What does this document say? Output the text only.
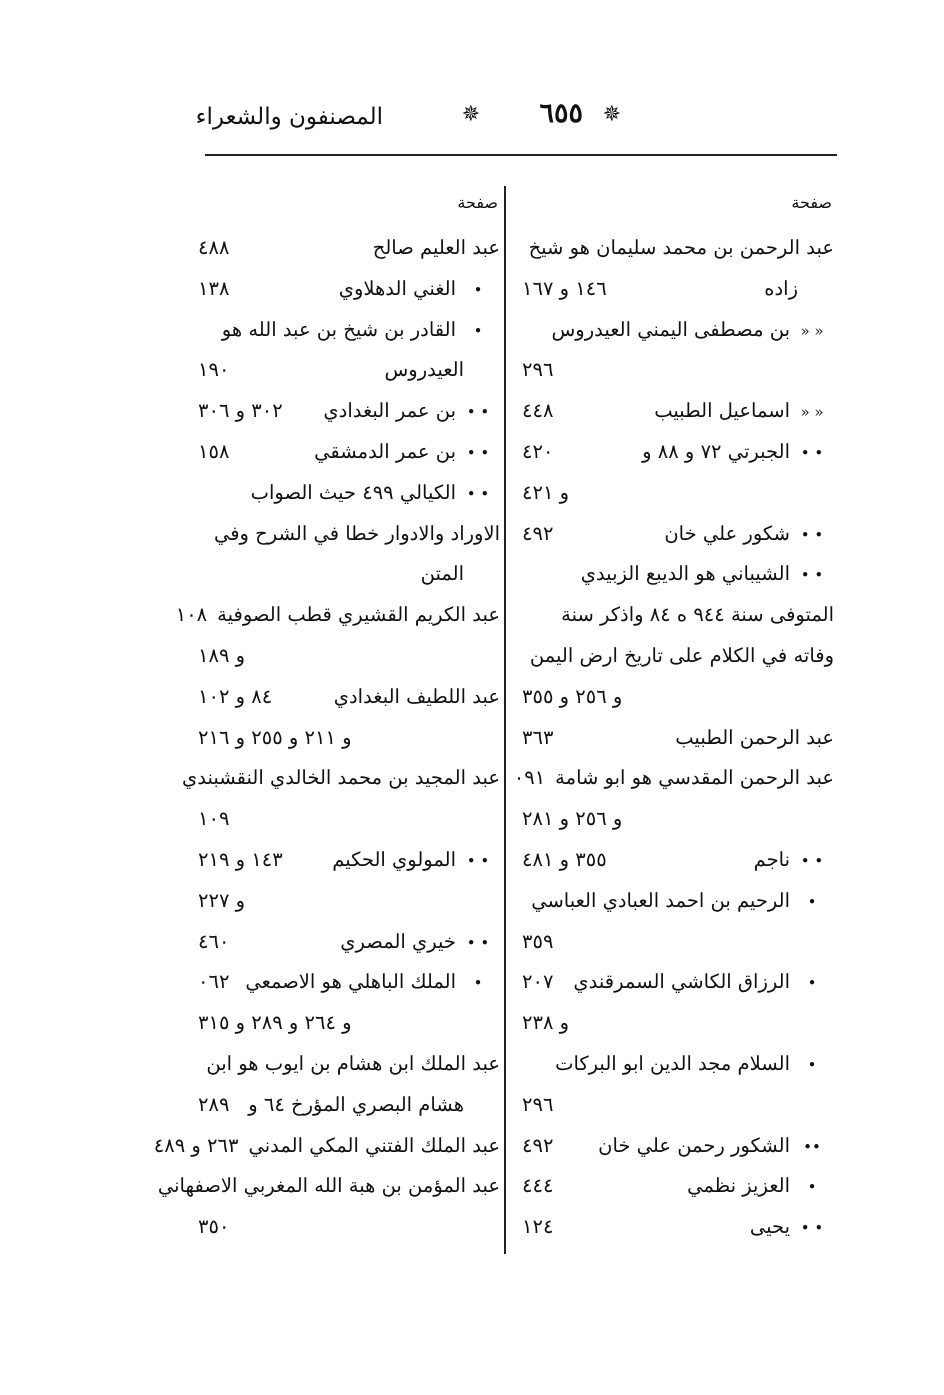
✵
٦٥٥
✵
المصنفون والشعراء
صفحة
عبد الرحمن بن محمد سليمان هو شيخ
زاده
١٤٦ و ١٦٧
« «
بن مصطفى اليمني العيدروس
٢٩٦
« «
اسماعيل الطبيب
٤٤٨
• •
الجبرتي ٧٢ و ٨٨ و
٤٢٠
و ٤٢١
• •
شكور علي خان
٤٩٢
• •
الشيباني هو الديبع الزبيدي
المتوفى سنة ٩٤٤ ه ٨٤ واذكر سنة
وفاته في الكلام على تاريخ ارض اليمن
و ٢٥٦ و ٣٥٥
عبد الرحمن الطبيب
٣٦٣
عبد الرحمن المقدسي هو ابو شامة
٠٩١
و ٢٥٦ و ٢٨١
• •
ناجم
٣٥٥ و ٤٨١
•
الرحيم بن احمد العبادي العباسي
٣٥٩
•
الرزاق الكاشي السمرقندي
٢٠٧
و ٢٣٨
•
السلام مجد الدين ابو البركات
٢٩٦
••
الشكور رحمن علي خان
٤٩٢
•
العزيز نظمي
٤٤٤
• •
يحيى
١٢٤
صفحة
عبد العليم صالح
٤٨٨
•
الغني الدهلاوي
١٣٨
•
القادر بن شيخ بن عبد الله هو
العيدروس
١٩٠
• •
بن عمر البغدادي
٣٠٢ و ٣٠٦
• •
بن عمر الدمشقي
١٥٨
• •
الكيالي ٤٩٩ حيث الصواب
الاوراد والادوار خطا في الشرح وفي
المتن
عبد الكريم القشيري قطب الصوفية
١٠٨
و ١٨٩
عبد اللطيف البغدادي
٨٤ و ١٠٢
و ٢١١ و ٢٥٥ و ٢١٦
عبد المجيد بن محمد الخالدي النقشبندي
١٠٩
• •
المولوي الحكيم
١٤٣ و ٢١٩
و ٢٢٧
• •
خيري المصري
٤٦٠
•
الملك الباهلي هو الاصمعي
٠٦٢
و ٢٦٤ و ٢٨٩ و ٣١٥
عبد الملك ابن هشام بن ايوب هو ابن
هشام البصري المؤرخ ٦٤ و
٢٨٩
عبد الملك الفتني المكي المدني
٢٦٣ و ٤٨٩
عبد المؤمن بن هبة الله المغربي الاصفهاني
٣٥٠
